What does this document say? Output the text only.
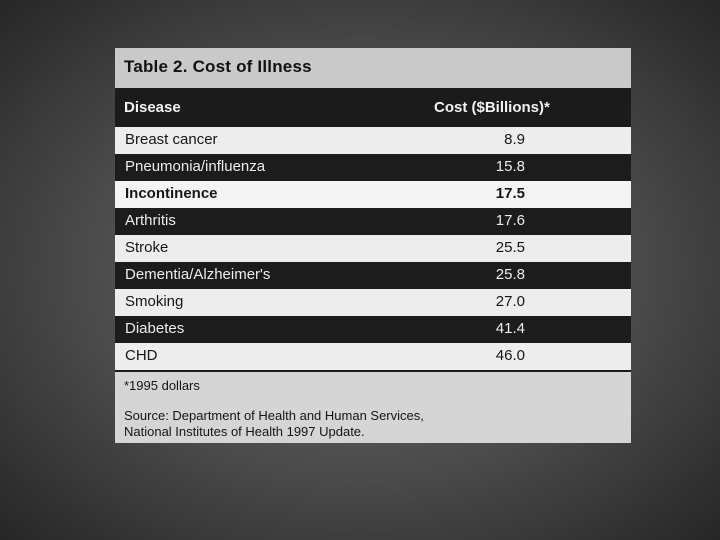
Table 2. Cost of Illness
Disease	Cost ($Billions)*
Breast cancer	8.9
Pneumonia/influenza	15.8
Incontinence	17.5
Arthritis	17.6
Stroke	25.5
Dementia/Alzheimer's	25.8
Smoking	27.0
Diabetes	41.4
CHD	46.0
*1995 dollars
Source: Department of Health and Human Services,
National Institutes of Health 1997 Update.
